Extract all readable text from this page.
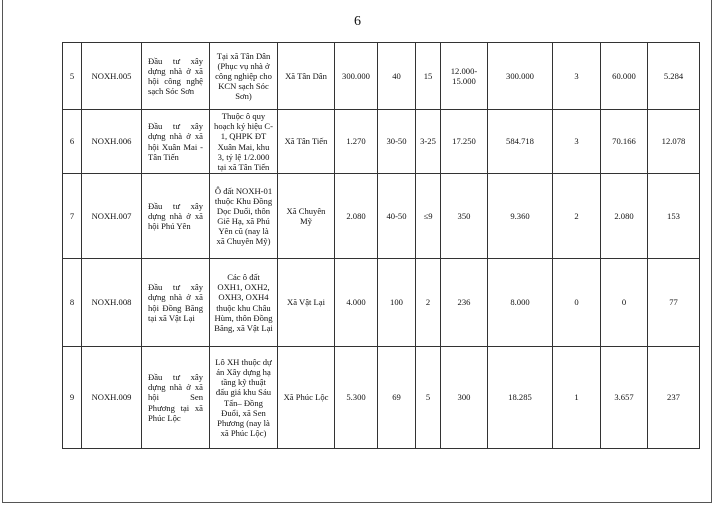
6
5	NOXH.005	Đầu tư xây dựng nhà ở xã hội công nghệ sạch Sóc Sơn	Tại xã Tân Dân (Phục vụ nhà ở công nghiệp cho KCN sạch Sóc Sơn)	Xã Tân Dân	300.000	40	15	12.000-15.000	300.000	3	60.000	5.284
6	NOXH.006	Đầu tư xây dựng nhà ở xã hội Xuân Mai - Tân Tiến	Thuộc ô quy hoạch ký hiệu C-1, QHPK ĐT Xuân Mai, khu 3, tỷ lệ 1/2.000 tại xã Tân Tiến	Xã Tân Tiến	1.270	30-50	3-25	17.250	584.718	3	70.166	12.078
7	NOXH.007	Đầu tư xây dựng nhà ở xã hội Phú Yên	Ô đất NOXH-01 thuộc Khu Đồng Dọc Duối, thôn Giẽ Hạ, xã Phú Yên cũ (nay là xã Chuyên Mỹ)	Xã Chuyên Mỹ	2.080	40-50	≤9	350	9.360	2	2.080	153
8	NOXH.008	Đầu tư xây dựng nhà ở xã hội Đồng Băng tại xã Vật Lại	Các ô đất OXH1, OXH2, OXH3, OXH4 thuộc khu Châu Hùm, thôn Đồng Băng, xã Vật Lại	Xã Vật Lại	4.000	100	2	236	8.000	0	0	77
9	NOXH.009	Đầu tư xây dựng nhà ở xã hội Sen Phương tại xã Phúc Lộc	Lô XH thuộc dự án Xây dựng hạ tầng kỹ thuật đấu giá khu Sáu Tấn– Đồng Đuổi, xã Sen Phương (nay là xã Phúc Lộc)	Xã Phúc Lộc	5.300	69	5	300	18.285	1	3.657	237
